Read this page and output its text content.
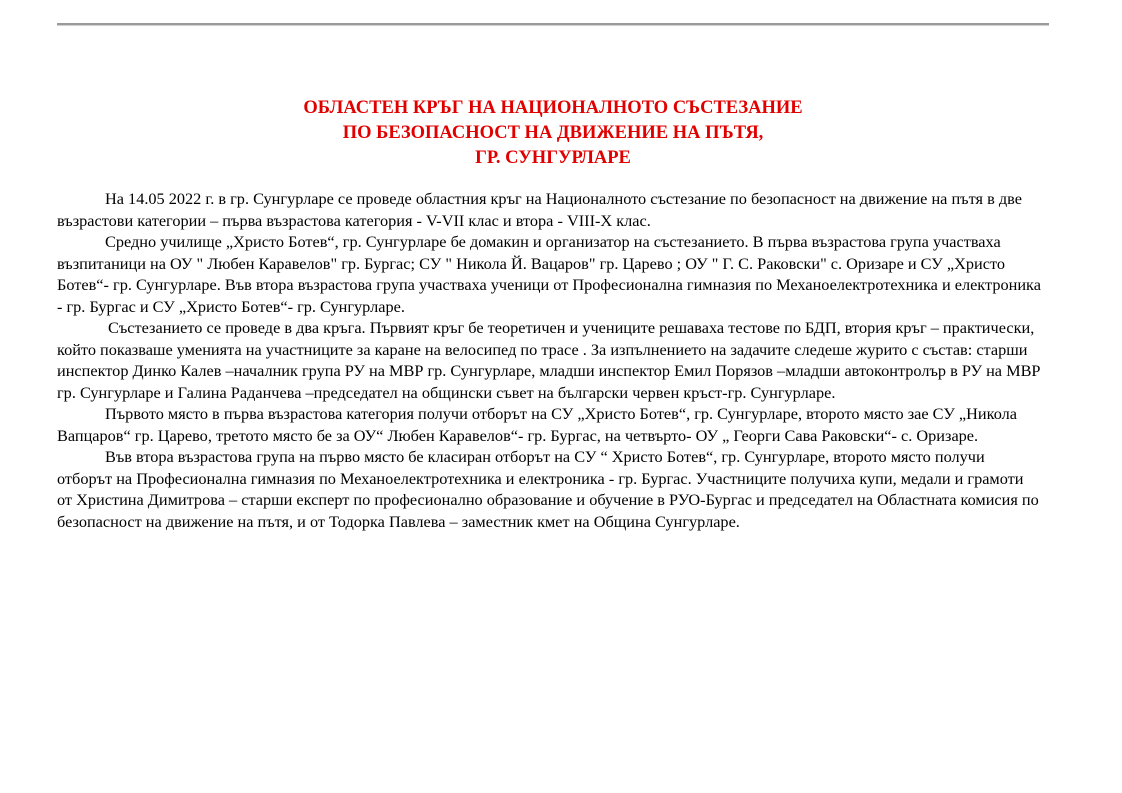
ОБЛАСТЕН КРЪГ НА НАЦИОНАЛНОТО СЪСТЕЗАНИЕ
ПО БЕЗОПАСНОСТ НА ДВИЖЕНИЕ НА ПЪТЯ,
ГР. СУНГУРЛАРЕ

На 14.05 2022 г. в гр. Сунгурларе се проведе областния кръг на Националното състезание по безопасност на движение на пътя в две възрастови категории – първа възрастова категория - V-VII клас и втора - VIII-X клас.

Средно училище „Христо Ботев“, гр. Сунгурларе бе домакин и организатор на състезанието. В първа възрастова група участваха възпитаници на ОУ " Любен Каравелов" гр. Бургас; СУ " Никола Й. Вацаров" гр. Царево ; ОУ " Г. С. Раковски" с. Оризаре и СУ „Христо Ботев“- гр. Сунгурларе. Във втора възрастова група участваха ученици от Професионална гимназия по Механоелектротехника и електроника - гр. Бургас и СУ „Христо Ботев“- гр. Сунгурларе.

Състезанието се проведе в два кръга. Първият кръг бе теоретичен и учениците решаваха тестове по БДП, втория кръг – практически, който показваше уменията на участниците за каране на велосипед по трасе . За изпълнението на задачите следеше журито с състав: старши инспектор Динко Калев –началник група РУ на МВР гр. Сунгурларе, младши инспектор Емил Порязов –младши автоконтролър в РУ на МВР гр. Сунгурларе и Галина Раданчева –председател на общински съвет на български червен кръст-гр. Сунгурларе.

Първото място в първа възрастова категория получи отборът на СУ „Христо Ботев“, гр. Сунгурларе, второто място зае СУ „Никола Вапцаров“ гр. Царево, третото място бе за ОУ“ Любен Каравелов“- гр. Бургас, на четвърто- ОУ „ Георги Сава Раковски“- с. Оризаре.

Във втора възрастова група на първо място бе класиран отборът на СУ “ Христо Ботев“, гр. Сунгурларе, второто място получи отборът на Професионална гимназия по Механоелектротехника и електроника - гр. Бургас. Участниците получиха купи, медали и грамоти от Христина Димитрова – старши експерт по професионално образование и обучение в РУО-Бургас и председател на Областната комисия по безопасност на движение на пътя, и от Тодорка Павлева – заместник кмет на Община Сунгурларе.
